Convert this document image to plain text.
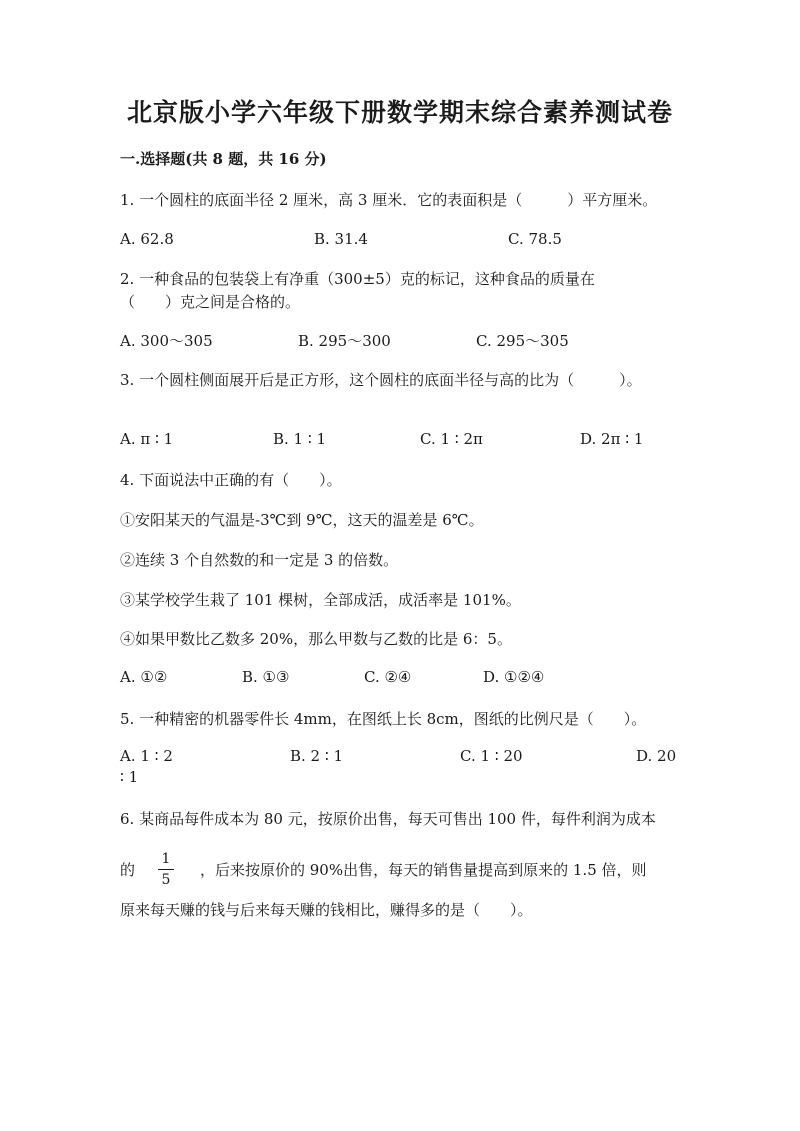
北京版小学六年级下册数学期末综合素养测试卷
一.选择题(共 8 题，共 16 分)
1. 一个圆柱的底面半径 2 厘米，高 3 厘米．它的表面积是（　　　）平方厘米。
A. 62.8	B. 31.4	C. 78.5
2. 一种食品的包装袋上有净重（300±5）克的标记，这种食品的质量在
（　　）克之间是合格的。
A. 300～305	B. 295～300	C. 295～305
3. 一个圆柱侧面展开后是正方形，这个圆柱的底面半径与高的比为（　　　）。
A. π ∶ 1	B. 1 ∶ 1	C. 1 ∶ 2π	D. 2π ∶ 1
4. 下面说法中正确的有（　　）。
①安阳某天的气温是-3℃到 9℃，这天的温差是 6℃。
②连续 3 个自然数的和一定是 3 的倍数。
③某学校学生栽了 101 棵树，全部成活，成活率是 101%。
④如果甲数比乙数多 20%，那么甲数与乙数的比是 6：5。
A. ①②	B. ①③	C. ②④	D. ①②④
5. 一种精密的机器零件长 4mm，在图纸上长 8cm，图纸的比例尺是（　　）。
A. 1 ∶ 2	B. 2 ∶ 1	C. 1 ∶ 20	D. 20
∶ 1
6. 某商品每件成本为 80 元，按原价出售，每天可售出 100 件，每件利润为成本
的
1
5
，后来按原价的 90%出售，每天的销售量提高到原来的 1.5 倍，则
原来每天赚的钱与后来每天赚的钱相比，赚得多的是（　　）。
